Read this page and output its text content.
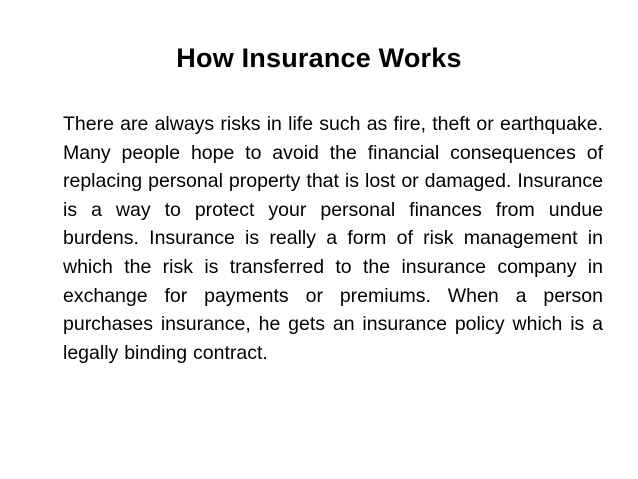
How Insurance Works

There are always risks in life such as fire, theft or earthquake. Many people hope to avoid the financial consequences of replacing personal property that is lost or damaged. Insurance is a way to protect your personal finances from undue burdens. Insurance is really a form of risk management in which the risk is transferred to the insurance company in exchange for payments or premiums. When a person purchases insurance, he gets an insurance policy which is a legally binding contract.
